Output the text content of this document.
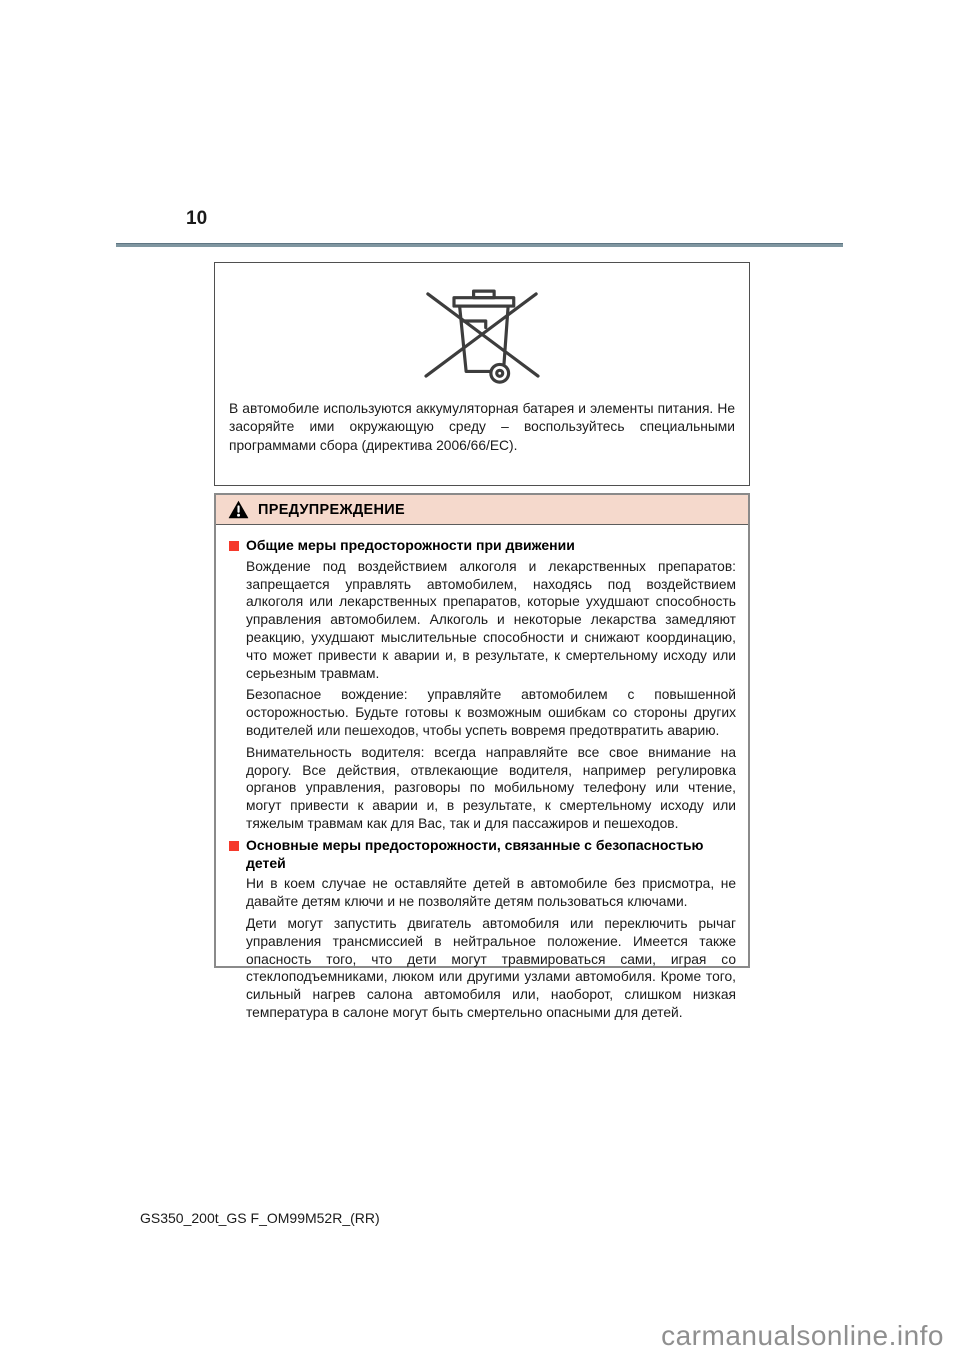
10

В автомобиле используются аккумуляторная батарея и элементы питания. Не засоряйте ими окружающую среду – воспользуйтесь специальными программами сбора (директива 2006/66/EC).

ПРЕДУПРЕЖДЕНИЕ
Общие меры предосторожности при движении

Вождение под воздействием алкоголя и лекарственных препаратов: запрещается управлять автомобилем, находясь под воздействием алкоголя или лекарственных препаратов, которые ухудшают способность управления автомобилем. Алкоголь и некоторые лекарства замедляют реакцию, ухудшают мыслительные способности и снижают координацию, что может привести к аварии и, в результате, к смертельному исходу или серьезным травмам.

Безопасное вождение: управляйте автомобилем с повышенной осторожностью. Будьте готовы к возможным ошибкам со стороны других водителей или пешеходов, чтобы успеть вовремя предотвратить аварию.

Внимательность водителя: всегда направляйте все свое внимание на дорогу. Все действия, отвлекающие водителя, например регулировка органов управления, разговоры по мобильному телефону или чтение, могут привести к аварии и, в результате, к смертельному исходу или тяжелым травмам как для Вас, так и для пассажиров и пешеходов.

Основные меры предосторожности, связанные с безопасностью детей

Ни в коем случае не оставляйте детей в автомобиле без присмотра, не давайте детям ключи и не позволяйте детям пользоваться ключами.

Дети могут запустить двигатель автомобиля или переключить рычаг управления трансмиссией в нейтральное положение. Имеется также опасность того, что дети могут травмироваться сами, играя со стеклоподъемниками, люком или другими узлами автомобиля. Кроме того, сильный нагрев салона автомобиля или, наоборот, слишком низкая температура в салоне могут быть смертельно опасными для детей.

GS350_200t_GS F_OM99M52R_(RR)
carmanualsonline.info
